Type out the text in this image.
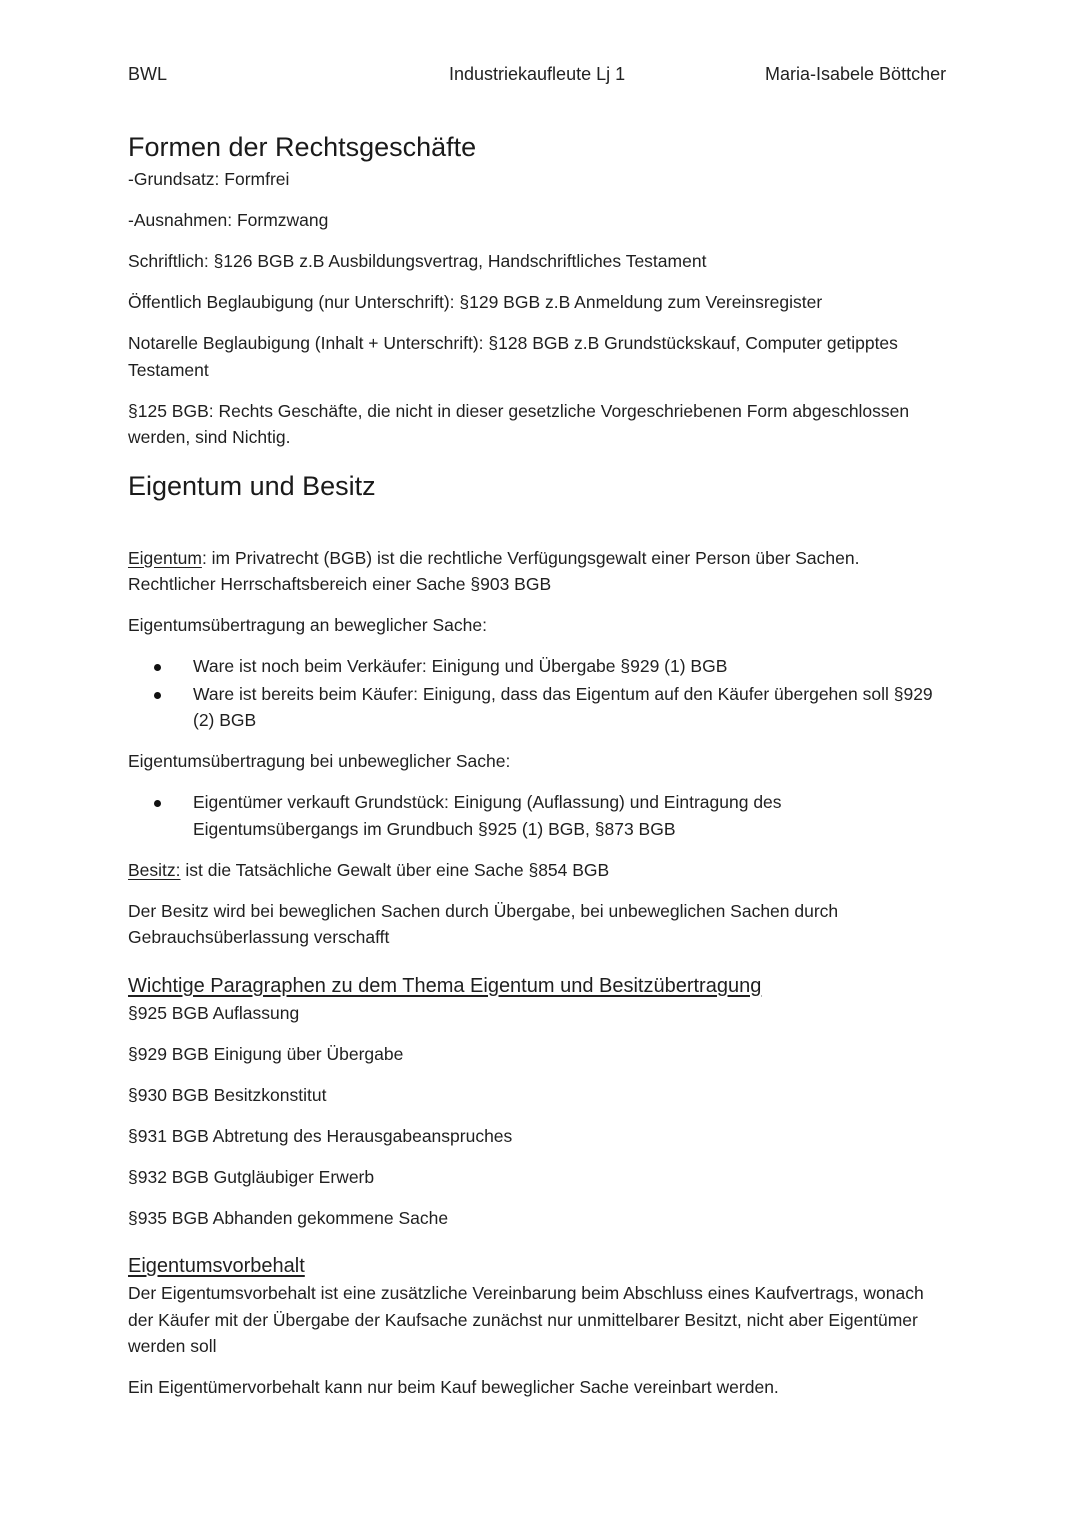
BWL	Industriekaufleute Lj 1	Maria-Isabele Böttcher
Formen der Rechtsgeschäfte

-Grundsatz: Formfrei

-Ausnahmen: Formzwang

Schriftlich: §126 BGB z.B Ausbildungsvertrag, Handschriftliches Testament

Öffentlich Beglaubigung (nur Unterschrift): §129 BGB z.B Anmeldung zum Vereinsregister

Notarelle Beglaubigung (Inhalt + Unterschrift): §128 BGB z.B Grundstückskauf, Computer getipptes Testament

§125 BGB: Rechts Geschäfte, die nicht in dieser gesetzliche Vorgeschriebenen Form abgeschlossen werden, sind Nichtig.

Eigentum und Besitz

Eigentum: im Privatrecht (BGB) ist die rechtliche Verfügungsgewalt einer Person über Sachen. Rechtlicher Herrschaftsbereich einer Sache §903 BGB

Eigentumsübertragung an beweglicher Sache:

Ware ist noch beim Verkäufer: Einigung und Übergabe §929 (1) BGB
Ware ist bereits beim Käufer: Einigung, dass das Eigentum auf den Käufer übergehen soll §929 (2) BGB

Eigentumsübertragung bei unbeweglicher Sache:

Eigentümer verkauft Grundstück: Einigung (Auflassung) und Eintragung des Eigentumsübergangs im Grundbuch §925 (1) BGB, §873 BGB

Besitz: ist die Tatsächliche Gewalt über eine Sache §854 BGB

Der Besitz wird bei beweglichen Sachen durch Übergabe, bei unbeweglichen Sachen durch Gebrauchsüberlassung verschafft

Wichtige Paragraphen zu dem Thema Eigentum und Besitzübertragung

§925 BGB Auflassung

§929 BGB Einigung über Übergabe

§930 BGB Besitzkonstitut

§931 BGB Abtretung des Herausgabeanspruches

§932 BGB Gutgläubiger Erwerb

§935 BGB Abhanden gekommene Sache

Eigentumsvorbehalt

Der Eigentumsvorbehalt ist eine zusätzliche Vereinbarung beim Abschluss eines Kaufvertrags, wonach der Käufer mit der Übergabe der Kaufsache zunächst nur unmittelbarer Besitzt, nicht aber Eigentümer werden soll

Ein Eigentümervorbehalt kann nur beim Kauf beweglicher Sache vereinbart werden.
